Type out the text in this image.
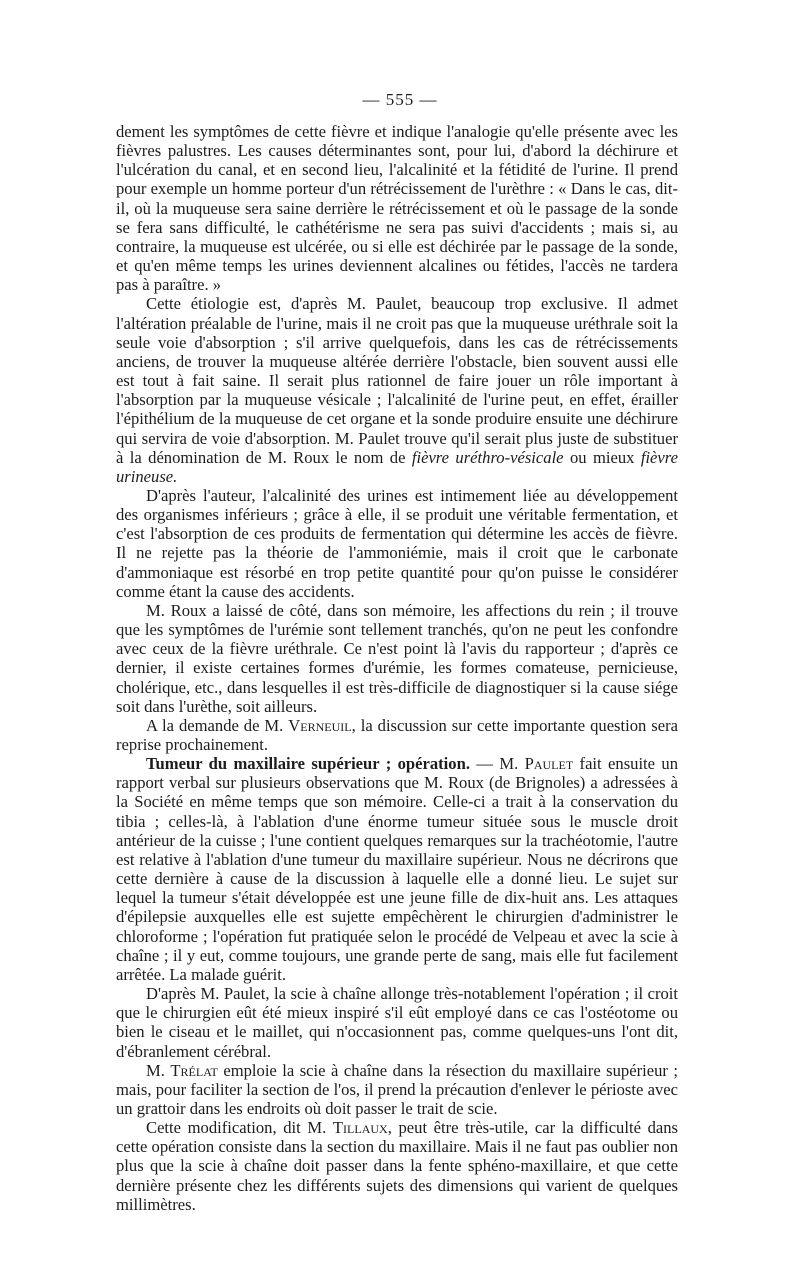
— 555 —

dement les symptômes de cette fièvre et indique l'analogie qu'elle présente avec les fièvres palustres. Les causes déterminantes sont, pour lui, d'abord la déchirure et l'ulcération du canal, et en second lieu, l'alcalinité et la fétidité de l'urine. Il prend pour exemple un homme porteur d'un rétrécissement de l'urèthre : « Dans le cas, dit-il, où la muqueuse sera saine derrière le rétrécissement et où le passage de la sonde se fera sans difficulté, le cathétérisme ne sera pas suivi d'accidents ; mais si, au contraire, la muqueuse est ulcérée, ou si elle est déchirée par le passage de la sonde, et qu'en même temps les urines deviennent alcalines ou fétides, l'accès ne tardera pas à paraître. »

Cette étiologie est, d'après M. Paulet, beaucoup trop exclusive. Il admet l'altération préalable de l'urine, mais il ne croit pas que la muqueuse uréthrale soit la seule voie d'absorption ; s'il arrive quelquefois, dans les cas de rétrécissements anciens, de trouver la muqueuse altérée derrière l'obstacle, bien souvent aussi elle est tout à fait saine. Il serait plus rationnel de faire jouer un rôle important à l'absorption par la muqueuse vésicale ; l'alcalinité de l'urine peut, en effet, érailler l'épithélium de la muqueuse de cet organe et la sonde produire ensuite une déchirure qui servira de voie d'absorption. M. Paulet trouve qu'il serait plus juste de substituer à la dénomination de M. Roux le nom de fièvre uréthro-vésicale ou mieux fièvre urineuse.

D'après l'auteur, l'alcalinité des urines est intimement liée au développement des organismes inférieurs ; grâce à elle, il se produit une véritable fermentation, et c'est l'absorption de ces produits de fermentation qui détermine les accès de fièvre. Il ne rejette pas la théorie de l'ammoniémie, mais il croit que le carbonate d'ammoniaque est résorbé en trop petite quantité pour qu'on puisse le considérer comme étant la cause des accidents.

M. Roux a laissé de côté, dans son mémoire, les affections du rein ; il trouve que les symptômes de l'urémie sont tellement tranchés, qu'on ne peut les confondre avec ceux de la fièvre uréthrale. Ce n'est point là l'avis du rapporteur ; d'après ce dernier, il existe certaines formes d'urémie, les formes comateuse, pernicieuse, cholérique, etc., dans lesquelles il est très-difficile de diagnostiquer si la cause siége soit dans l'urèthe, soit ailleurs.

A la demande de M. Verneuil, la discussion sur cette importante question sera reprise prochainement.

Tumeur du maxillaire supérieur ; opération. — M. Paulet fait ensuite un rapport verbal sur plusieurs observations que M. Roux (de Brignoles) a adressées à la Société en même temps que son mémoire. Celle-ci a trait à la conservation du tibia ; celles-là, à l'ablation d'une énorme tumeur située sous le muscle droit antérieur de la cuisse ; l'une contient quelques remarques sur la trachéotomie, l'autre est relative à l'ablation d'une tumeur du maxillaire supérieur. Nous ne décrirons que cette dernière à cause de la discussion à laquelle elle a donné lieu. Le sujet sur lequel la tumeur s'était développée est une jeune fille de dix-huit ans. Les attaques d'épilepsie auxquelles elle est sujette empêchèrent le chirurgien d'administrer le chloroforme ; l'opération fut pratiquée selon le procédé de Velpeau et avec la scie à chaîne ; il y eut, comme toujours, une grande perte de sang, mais elle fut facilement arrêtée. La malade guérit.

D'après M. Paulet, la scie à chaîne allonge très-notablement l'opération ; il croit que le chirurgien eût été mieux inspiré s'il eût employé dans ce cas l'ostéotome ou bien le ciseau et le maillet, qui n'occasionnent pas, comme quelques-uns l'ont dit, d'ébranlement cérébral.

M. Trélat emploie la scie à chaîne dans la résection du maxillaire supérieur ; mais, pour faciliter la section de l'os, il prend la précaution d'enlever le périoste avec un grattoir dans les endroits où doit passer le trait de scie.

Cette modification, dit M. Tillaux, peut être très-utile, car la difficulté dans cette opération consiste dans la section du maxillaire. Mais il ne faut pas oublier non plus que la scie à chaîne doit passer dans la fente sphéno-maxillaire, et que cette dernière présente chez les différents sujets des dimensions qui varient de quelques millimètres.
